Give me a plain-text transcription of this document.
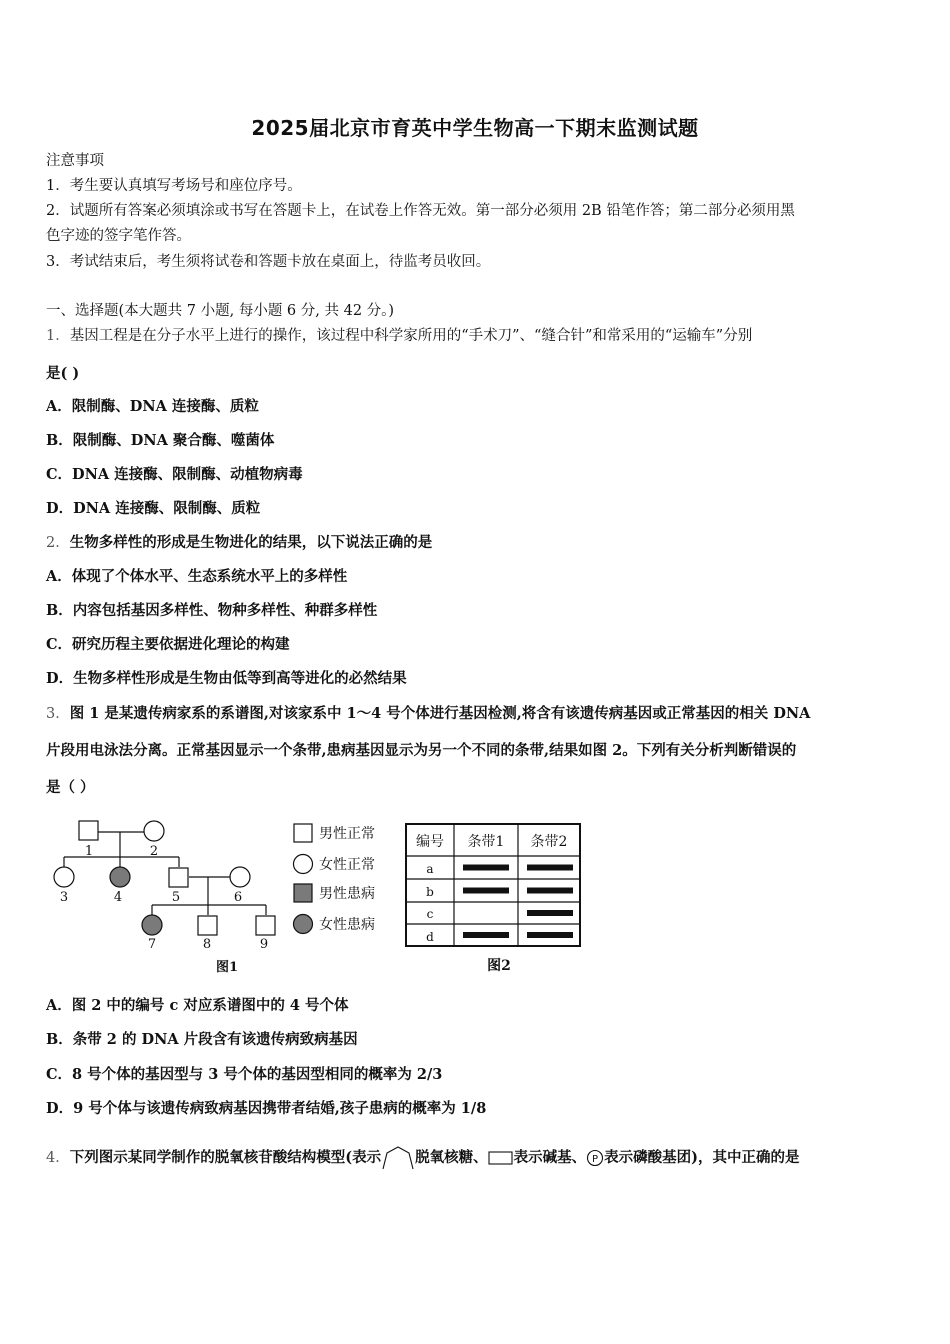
2025届北京市育英中学生物高一下期末监测试题
注意事项
1．考生要认真填写考场号和座位序号。
2．试题所有答案必须填涂或书写在答题卡上，在试卷上作答无效。第一部分必须用 2B 铅笔作答；第二部分必须用黑
色字迹的签字笔作答。
3．考试结束后，考生须将试卷和答题卡放在桌面上，待监考员收回。
一、选择题(本大题共 7 小题, 每小题 6 分, 共 42 分。)
1．基因工程是在分子水平上进行的操作，该过程中科学家所用的“手术刀”、“缝合针”和常采用的“运输车”分别
是( )
A．限制酶、DNA 连接酶、质粒
B．限制酶、DNA 聚合酶、噬菌体
C．DNA 连接酶、限制酶、动植物病毒
D．DNA 连接酶、限制酶、质粒
2．生物多样性的形成是生物进化的结果，以下说法正确的是
A．体现了个体水平、生态系统水平上的多样性
B．内容包括基因多样性、物种多样性、种群多样性
C．研究历程主要依据进化理论的构建
D．生物多样性形成是生物由低等到高等进化的必然结果
3．图 1 是某遗传病家系的系谱图,对该家系中 1～4 号个体进行基因检测,将含有该遗传病基因或正常基因的相关 DNA
片段用电泳法分离。正常基因显示一个条带,患病基因显示为另一个不同的条带,结果如图 2。下列有关分析判断错误的
是（ ）
1	2
3	4	5	6
7	8	9
图1
男性正常
女性正常
男性患病
女性患病
编号 条带1 条带2
a
b
c
d
图2
A．图 2 中的编号 c 对应系谱图中的 4 号个体
B．条带 2 的 DNA 片段含有该遗传病致病基因
C．8 号个体的基因型与 3 号个体的基因型相同的概率为 2/3
D．9 号个体与该遗传病致病基因携带者结婚,孩子患病的概率为 1/8
4．下列图示某同学制作的脱氧核苷酸结构模型(表示 脱氧核糖、 表示碱基、 P 表示磷酸基团)，其中正确的是
